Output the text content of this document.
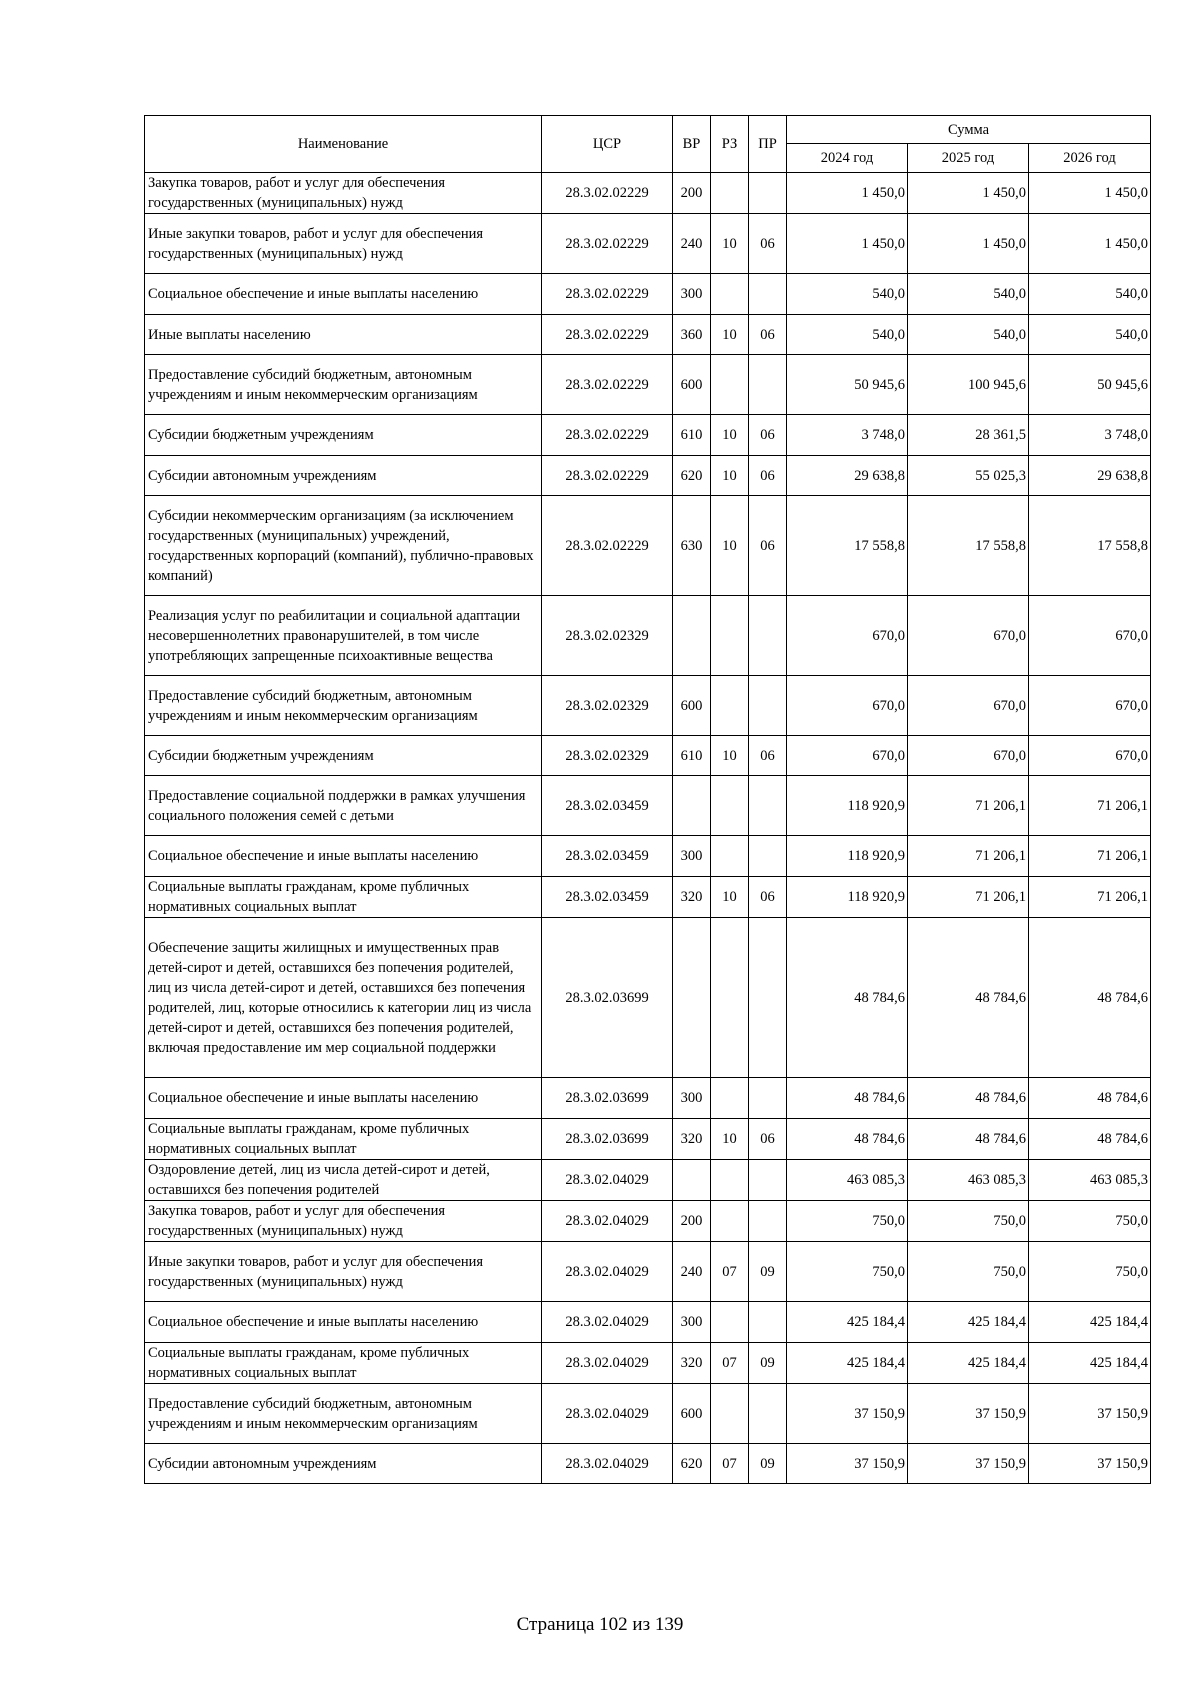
Наименование	ЦСР	ВР	РЗ	ПР	Сумма		
					2024 год	2025 год	2026 год
Закупка товаров, работ и услуг для обеспечения государственных (муниципальных) нужд	28.3.02.02229	200			1 450,0	1 450,0	1 450,0
Иные закупки товаров, работ и услуг для обеспечения государственных (муниципальных) нужд	28.3.02.02229	240	10	06	1 450,0	1 450,0	1 450,0
Социальное обеспечение и иные выплаты населению	28.3.02.02229	300			540,0	540,0	540,0
Иные выплаты населению	28.3.02.02229	360	10	06	540,0	540,0	540,0
Предоставление субсидий бюджетным, автономным учреждениям и иным некоммерческим организациям	28.3.02.02229	600			50 945,6	100 945,6	50 945,6
Субсидии бюджетным учреждениям	28.3.02.02229	610	10	06	3 748,0	28 361,5	3 748,0
Субсидии автономным учреждениям	28.3.02.02229	620	10	06	29 638,8	55 025,3	29 638,8
Субсидии некоммерческим организациям (за исключением государственных (муниципальных) учреждений, государственных корпораций (компаний), публично-правовых компаний)	28.3.02.02229	630	10	06	17 558,8	17 558,8	17 558,8
Реализация услуг по реабилитации и социальной адаптации несовершеннолетних правонарушителей, в том числе употребляющих запрещенные психоактивные вещества	28.3.02.02329				670,0	670,0	670,0
Предоставление субсидий бюджетным, автономным учреждениям и иным некоммерческим организациям	28.3.02.02329	600			670,0	670,0	670,0
Субсидии бюджетным учреждениям	28.3.02.02329	610	10	06	670,0	670,0	670,0
Предоставление социальной поддержки в рамках улучшения социального положения семей с детьми	28.3.02.03459				118 920,9	71 206,1	71 206,1
Социальное обеспечение и иные выплаты населению	28.3.02.03459	300			118 920,9	71 206,1	71 206,1
Социальные выплаты гражданам, кроме публичных нормативных социальных выплат	28.3.02.03459	320	10	06	118 920,9	71 206,1	71 206,1
Обеспечение защиты жилищных и имущественных прав детей-сирот и детей, оставшихся без попечения родителей, лиц из числа детей-сирот и детей, оставшихся без попечения родителей, лиц, которые относились к категории лиц из числа детей-сирот и детей, оставшихся без попечения родителей, включая предоставление им мер социальной поддержки	28.3.02.03699				48 784,6	48 784,6	48 784,6
Социальное обеспечение и иные выплаты населению	28.3.02.03699	300			48 784,6	48 784,6	48 784,6
Социальные выплаты гражданам, кроме публичных нормативных социальных выплат	28.3.02.03699	320	10	06	48 784,6	48 784,6	48 784,6
Оздоровление детей, лиц из числа детей-сирот и детей, оставшихся без попечения родителей	28.3.02.04029				463 085,3	463 085,3	463 085,3
Закупка товаров, работ и услуг для обеспечения государственных (муниципальных) нужд	28.3.02.04029	200			750,0	750,0	750,0
Иные закупки товаров, работ и услуг для обеспечения государственных (муниципальных) нужд	28.3.02.04029	240	07	09	750,0	750,0	750,0
Социальное обеспечение и иные выплаты населению	28.3.02.04029	300			425 184,4	425 184,4	425 184,4
Социальные выплаты гражданам, кроме публичных нормативных социальных выплат	28.3.02.04029	320	07	09	425 184,4	425 184,4	425 184,4
Предоставление субсидий бюджетным, автономным учреждениям и иным некоммерческим организациям	28.3.02.04029	600			37 150,9	37 150,9	37 150,9
Субсидии автономным учреждениям	28.3.02.04029	620	07	09	37 150,9	37 150,9	37 150,9
Страница 102 из 139
